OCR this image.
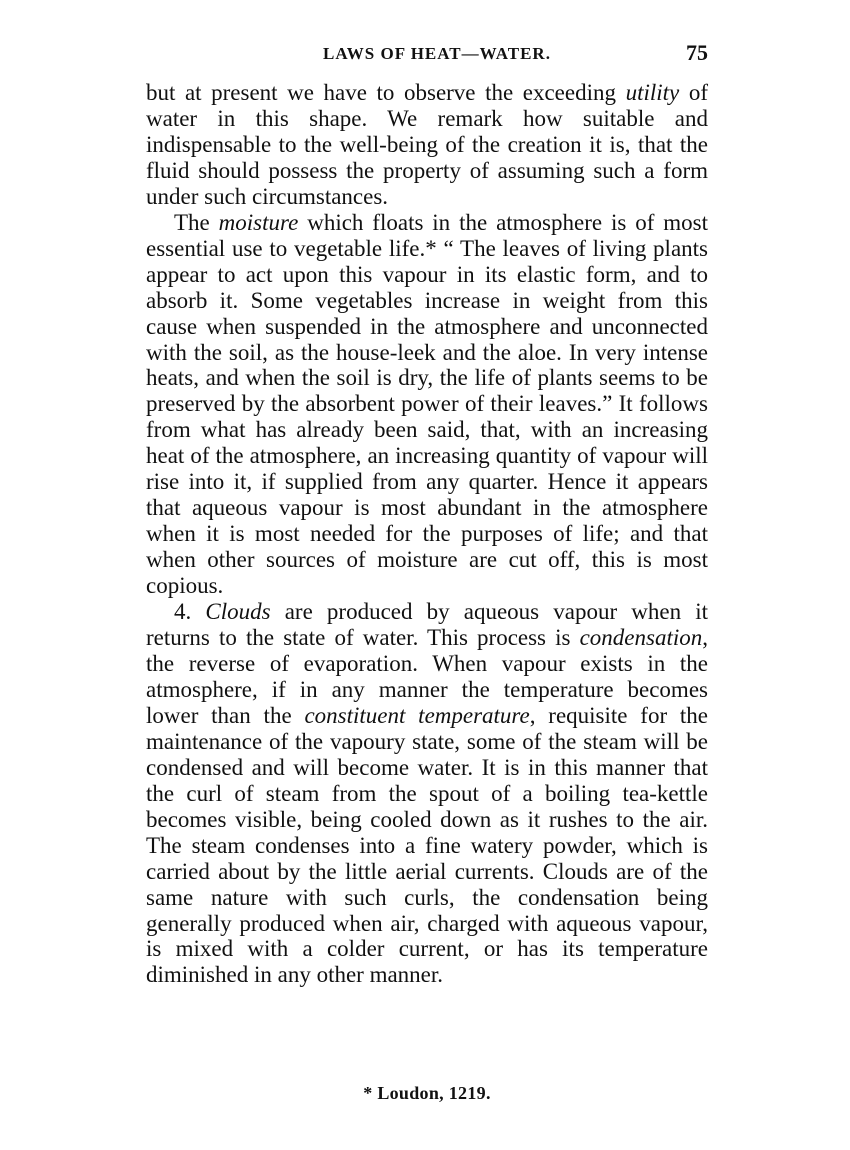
LAWS OF HEAT—WATER.	75

but at present we have to observe the exceeding utility of water in this shape. We remark how suitable and indispensable to the well-being of the creation it is, that the fluid should possess the property of assuming such a form under such circumstances.

The moisture which floats in the atmosphere is of most essential use to vegetable life.* “ The leaves of living plants appear to act upon this vapour in its elastic form, and to absorb it. Some vegetables increase in weight from this cause when suspended in the atmosphere and unconnected with the soil, as the house-leek and the aloe. In very intense heats, and when the soil is dry, the life of plants seems to be preserved by the absorbent power of their leaves.” It follows from what has already been said, that, with an increasing heat of the atmosphere, an increasing quantity of vapour will rise into it, if supplied from any quarter. Hence it appears that aqueous vapour is most abundant in the atmosphere when it is most needed for the purposes of life; and that when other sources of moisture are cut off, this is most copious.

4. Clouds are produced by aqueous vapour when it returns to the state of water. This process is condensation, the reverse of evaporation. When vapour exists in the atmosphere, if in any manner the temperature becomes lower than the constituent temperature, requisite for the maintenance of the vapoury state, some of the steam will be condensed and will become water. It is in this manner that the curl of steam from the spout of a boiling tea-kettle becomes visible, being cooled down as it rushes to the air. The steam condenses into a fine watery powder, which is carried about by the little aerial currents. Clouds are of the same nature with such curls, the condensation being generally produced when air, charged with aqueous vapour, is mixed with a colder current, or has its temperature diminished in any other manner.

* Loudon, 1219.
